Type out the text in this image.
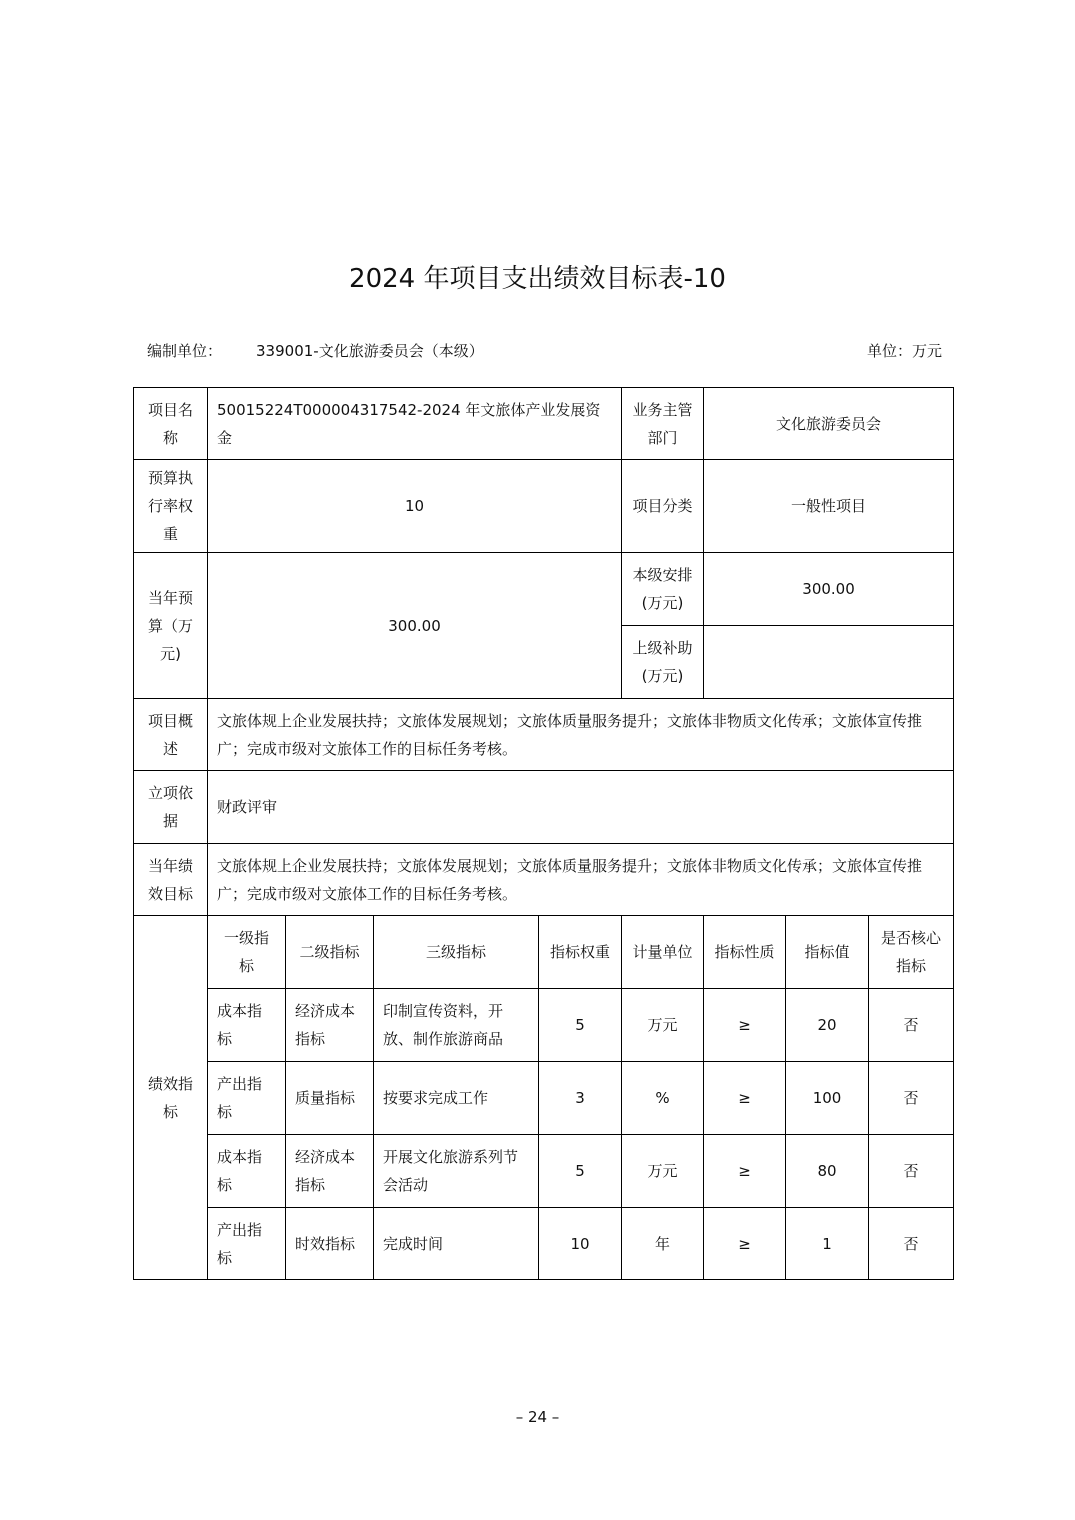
2024 年项目支出绩效目标表-10
编制单位： 339001-文化旅游委员会（本级）	单位：万元
项目名称	50015224T000004317542-2024 年文旅体产业发展资金				业务主管部门	文化旅游委员会		
预算执行率权重	10				项目分类	一般性项目		
当年预算（万元)	300.00				本级安排(万元)	300.00		
					上级补助(万元)			
项目概述	文旅体规上企业发展扶持；文旅体发展规划；文旅体质量服务提升；文旅体非物质文化传承；文旅体宣传推广；完成市级对文旅体工作的目标任务考核。							
立项依据	财政评审							
当年绩效目标	文旅体规上企业发展扶持；文旅体发展规划；文旅体质量服务提升；文旅体非物质文化传承；文旅体宣传推广；完成市级对文旅体工作的目标任务考核。							
绩效指标	一级指标	二级指标	三级指标	指标权重	计量单位	指标性质	指标值	是否核心指标
	成本指标	经济成本指标	印制宣传资料，开放、制作旅游商品	5	万元	≥	20	否
	产出指标	质量指标	按要求完成工作	3	%	≥	100	否
	成本指标	经济成本指标	开展文化旅游系列节会活动	5	万元	≥	80	否
	产出指标	时效指标	完成时间	10	年	≥	1	否
– 24 –
